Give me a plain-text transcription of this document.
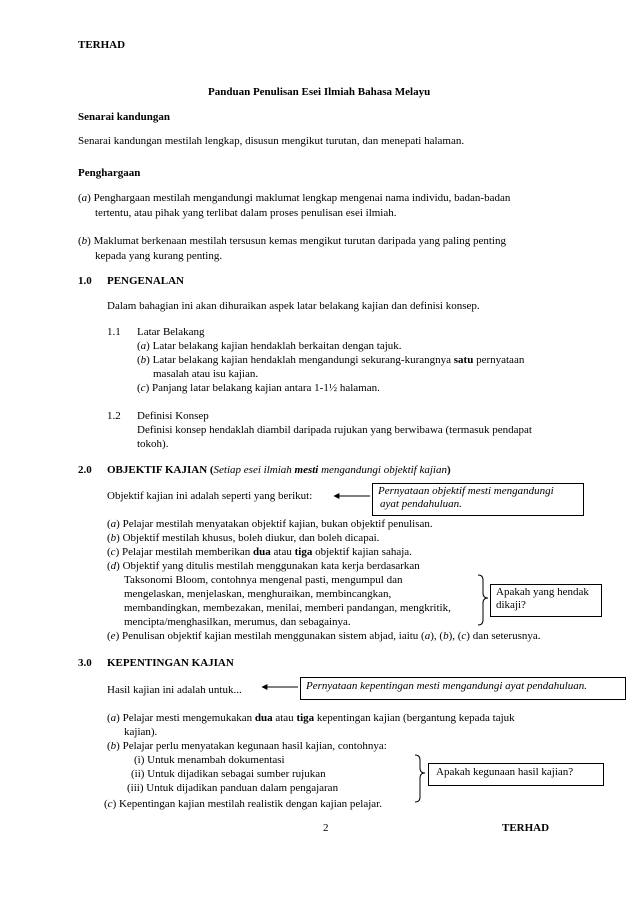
TERHAD
Panduan Penulisan Esei Ilmiah Bahasa Melayu
Senarai kandungan
Senarai kandungan mestilah lengkap, disusun mengikut turutan, dan menepati halaman.
Penghargaan
(a) Penghargaan mestilah mengandungi maklumat lengkap mengenai nama individu, badan-badan
tertentu, atau pihak yang terlibat dalam proses penulisan esei ilmiah.
(b) Maklumat berkenaan mestilah tersusun kemas mengikut turutan daripada yang paling penting
kepada yang kurang penting.
1.0 PENGENALAN
Dalam bahagian ini akan dihuraikan aspek latar belakang kajian dan definisi konsep.
1.1 Latar Belakang
(a) Latar belakang kajian hendaklah berkaitan dengan tajuk.
(b) Latar belakang kajian hendaklah mengandungi sekurang-kurangnya satu pernyataan
masalah atau isu kajian.
(c) Panjang latar belakang kajian antara 1-1½ halaman.
1.2 Definisi Konsep
Definisi konsep hendaklah diambil daripada rujukan yang berwibawa (termasuk pendapat
tokoh).
2.0 OBJEKTIF KAJIAN (Setiap esei ilmiah mesti mengandungi objektif kajian)
Objektif kajian ini adalah seperti yang berikut:	Pernyataan objektif mesti mengandungi
ayat pendahuluan.
(a) Pelajar mestilah menyatakan objektif kajian, bukan objektif penulisan.
(b) Objektif mestilah khusus, boleh diukur, dan boleh dicapai.
(c) Pelajar mestilah memberikan dua atau tiga objektif kajian sahaja.
(d) Objektif yang ditulis mestilah menggunakan kata kerja berdasarkan
Taksonomi Bloom, contohnya mengenal pasti, mengumpul dan
mengelaskan, menjelaskan, menghuraikan, membincangkan,
membandingkan, membezakan, menilai, memberi pandangan, mengkritik,
mencipta/menghasilkan, merumus, dan sebagainya.
(e) Penulisan objektif kajian mestilah menggunakan sistem abjad, iaitu (a), (b), (c) dan seterusnya.
Apakah yang hendak
dikaji?
3.0 KEPENTINGAN KAJIAN
Hasil kajian ini adalah untuk...	Pernyataan kepentingan mesti mengandungi ayat pendahuluan.
(a) Pelajar mesti mengemukakan dua atau tiga kepentingan kajian (bergantung kepada tajuk
kajian).
(b) Pelajar perlu menyatakan kegunaan hasil kajian, contohnya:
(i) Untuk menambah dokumentasi
(ii) Untuk dijadikan sebagai sumber rujukan
(iii) Untuk dijadikan panduan dalam pengajaran
(c) Kepentingan kajian mestilah realistik dengan kajian pelajar.
Apakah kegunaan hasil kajian?
2	TERHAD
